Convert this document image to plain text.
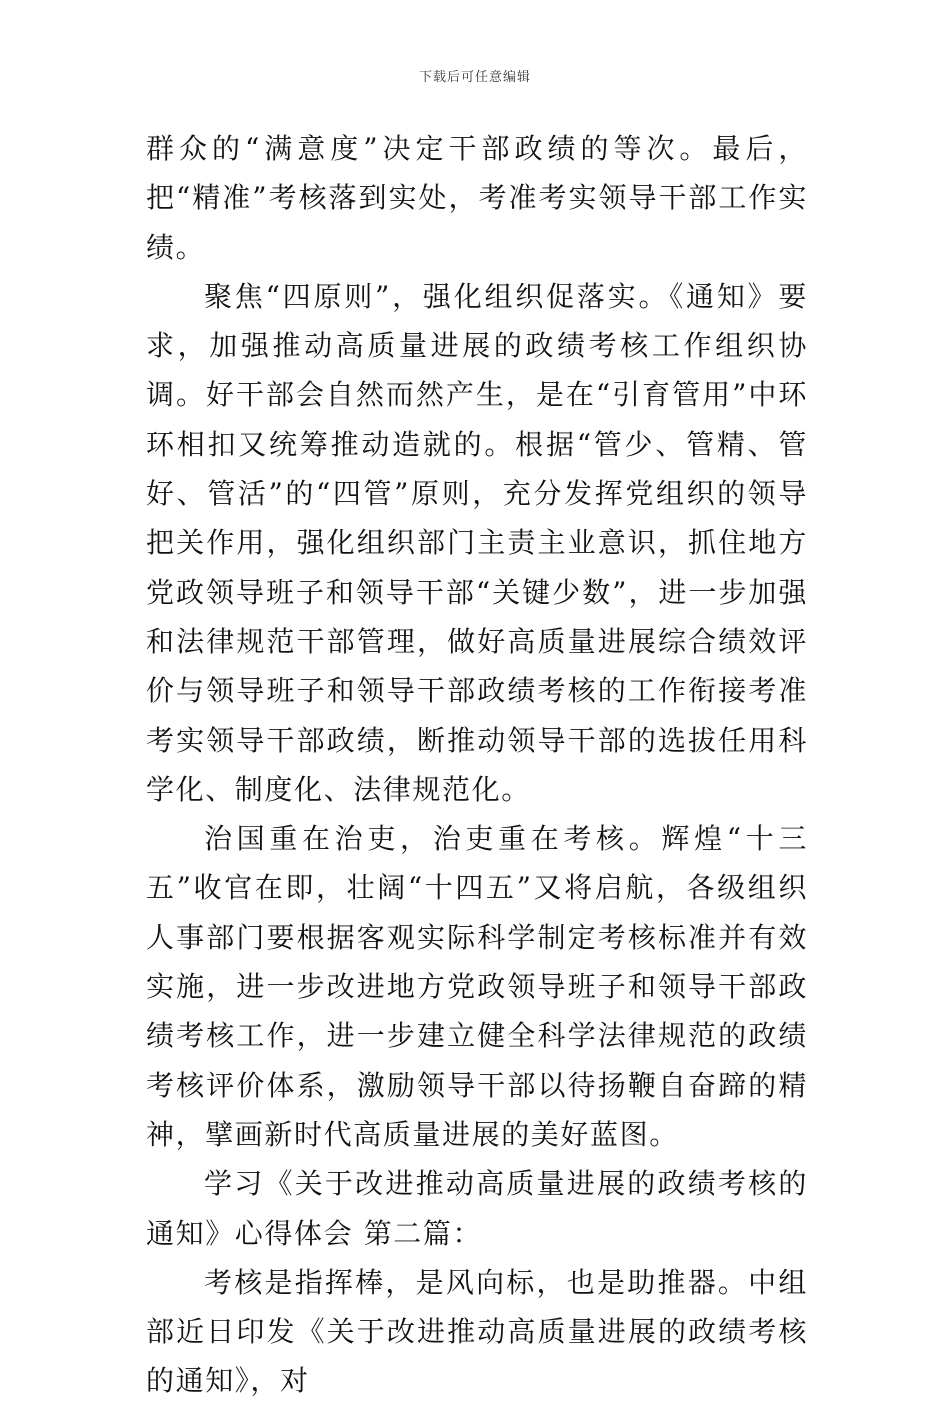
下载后可任意编辑

群众的“满意度”决定干部政绩的等次。最后，把“精准”考核落到实处，考准考实领导干部工作实绩。

聚焦“四原则”，强化组织促落实。《通知》要求，加强推动高质量进展的政绩考核工作组织协调。好干部会自然而然产生，是在“引育管用”中环环相扣又统筹推动造就的。根据“管少、管精、管好、管活”的“四管”原则，充分发挥党组织的领导把关作用，强化组织部门主责主业意识，抓住地方党政领导班子和领导干部“关键少数”，进一步加强和法律规范干部管理，做好高质量进展综合绩效评价与领导班子和领导干部政绩考核的工作衔接考准考实领导干部政绩，断推动领导干部的选拔任用科学化、制度化、法律规范化。

治国重在治吏，治吏重在考核。辉煌“十三五”收官在即，壮阔“十四五”又将启航，各级组织人事部门要根据客观实际科学制定考核标准并有效实施，进一步改进地方党政领导班子和领导干部政绩考核工作，进一步建立健全科学法律规范的政绩考核评价体系，激励领导干部以待扬鞭自奋蹄的精神，擘画新时代高质量进展的美好蓝图。

学习《关于改进推动高质量进展的政绩考核的通知》心得体会 第二篇：

考核是指挥棒，是风向标，也是助推器。中组部近日印发《关于改进推动高质量进展的政绩考核的通知》，对
